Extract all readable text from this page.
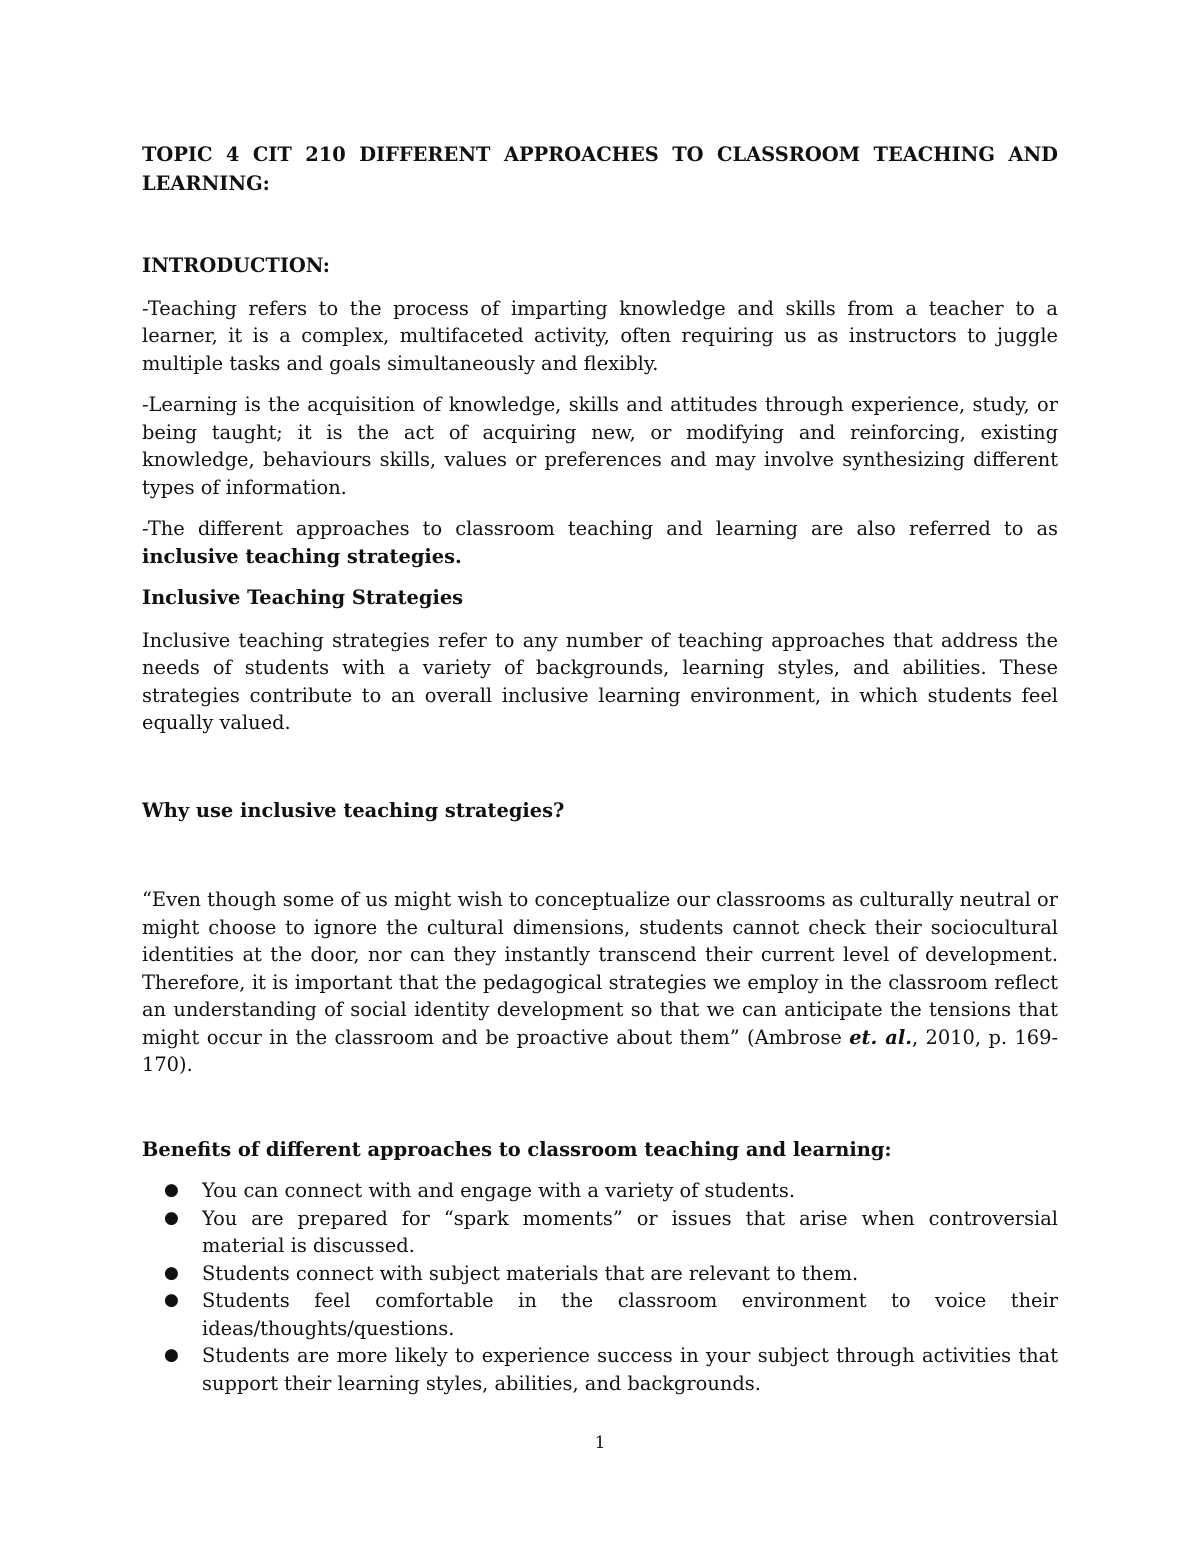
TOPIC 4 CIT 210 DIFFERENT APPROACHES TO CLASSROOM TEACHING AND LEARNING:

INTRODUCTION:

-Teaching refers to the process of imparting knowledge and skills from a teacher to a learner, it is a complex, multifaceted activity, often requiring us as instructors to juggle multiple tasks and goals simultaneously and flexibly.

-Learning is the acquisition of knowledge, skills and attitudes through experience, study, or being taught; it is the act of acquiring new, or modifying and reinforcing, existing knowledge, behaviours skills, values or preferences and may involve synthesizing different types of information.

-The different approaches to classroom teaching and learning are also referred to as inclusive teaching strategies.

Inclusive Teaching Strategies

Inclusive teaching strategies refer to any number of teaching approaches that address the needs of students with a variety of backgrounds, learning styles, and abilities. These strategies contribute to an overall inclusive learning environment, in which students feel equally valued.

Why use inclusive teaching strategies?

“Even though some of us might wish to conceptualize our classrooms as culturally neutral or might choose to ignore the cultural dimensions, students cannot check their sociocultural identities at the door, nor can they instantly transcend their current level of development. Therefore, it is important that the pedagogical strategies we employ in the classroom reflect an understanding of social identity development so that we can anticipate the tensions that might occur in the classroom and be proactive about them” (Ambrose et. al., 2010, p. 169-170).

Benefits of different approaches to classroom teaching and learning:

● You can connect with and engage with a variety of students.
● You are prepared for “spark moments” or issues that arise when controversial material is discussed.
● Students connect with subject materials that are relevant to them.
● Students feel comfortable in the classroom environment to voice their ideas/thoughts/questions.
● Students are more likely to experience success in your subject through activities that support their learning styles, abilities, and backgrounds.
1
